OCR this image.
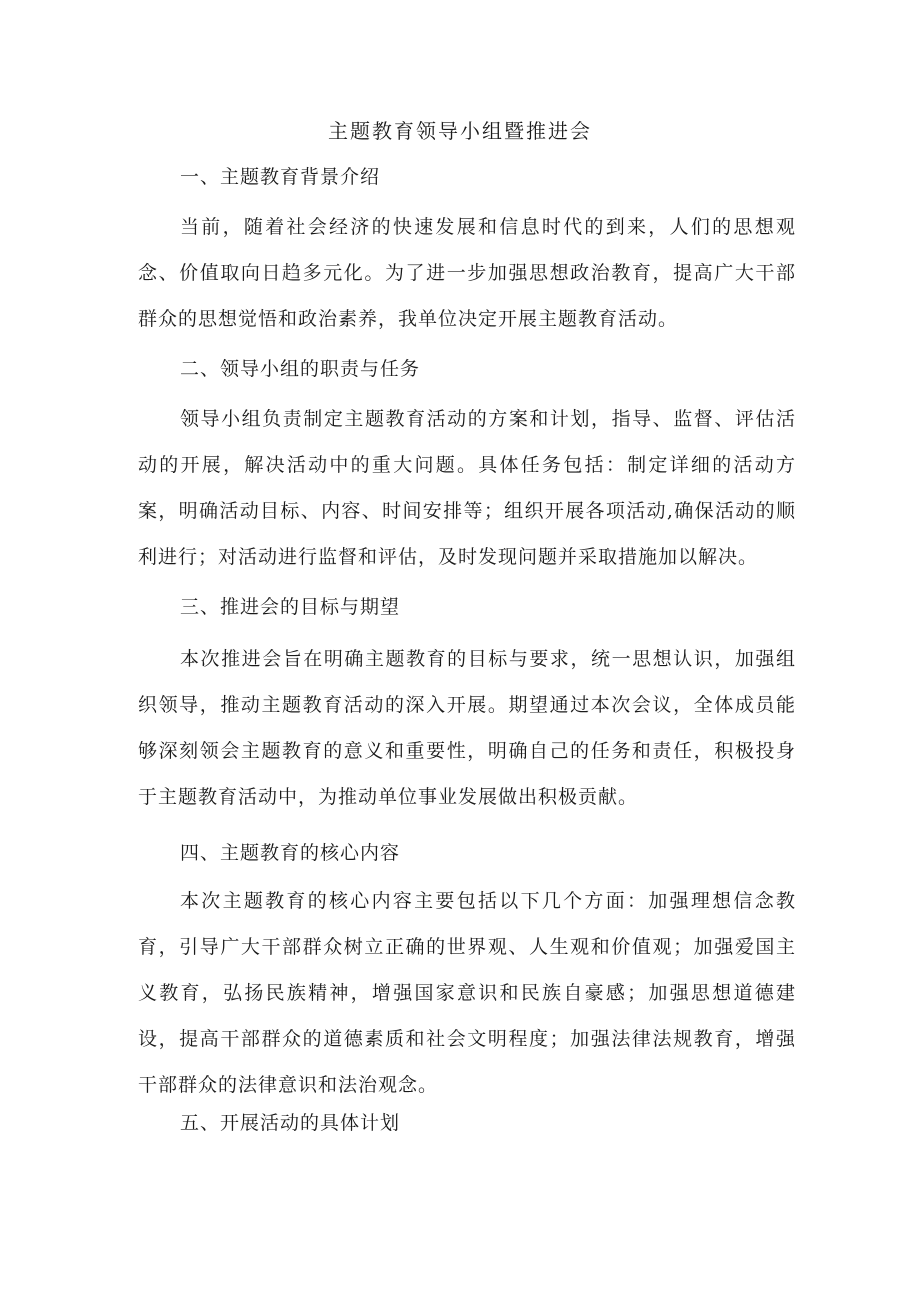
主题教育领导小组暨推进会
一、主题教育背景介绍

当前，随着社会经济的快速发展和信息时代的到来，人们的思想观念、价值取向日趋多元化。为了进一步加强思想政治教育，提高广大干部群众的思想觉悟和政治素养，我单位决定开展主题教育活动。

二、领导小组的职责与任务

领导小组负责制定主题教育活动的方案和计划，指导、监督、评估活动的开展，解决活动中的重大问题。具体任务包括：制定详细的活动方案，明确活动目标、内容、时间安排等；组织开展各项活动,确保活动的顺利进行；对活动进行监督和评估，及时发现问题并采取措施加以解决。

三、推进会的目标与期望

本次推进会旨在明确主题教育的目标与要求，统一思想认识，加强组织领导，推动主题教育活动的深入开展。期望通过本次会议，全体成员能够深刻领会主题教育的意义和重要性，明确自己的任务和责任，积极投身于主题教育活动中，为推动单位事业发展做出积极贡献。

四、主题教育的核心内容

本次主题教育的核心内容主要包括以下几个方面：加强理想信念教育，引导广大干部群众树立正确的世界观、人生观和价值观；加强爱国主义教育，弘扬民族精神，增强国家意识和民族自豪感；加强思想道德建设，提高干部群众的道德素质和社会文明程度；加强法律法规教育，增强干部群众的法律意识和法治观念。

五、开展活动的具体计划
